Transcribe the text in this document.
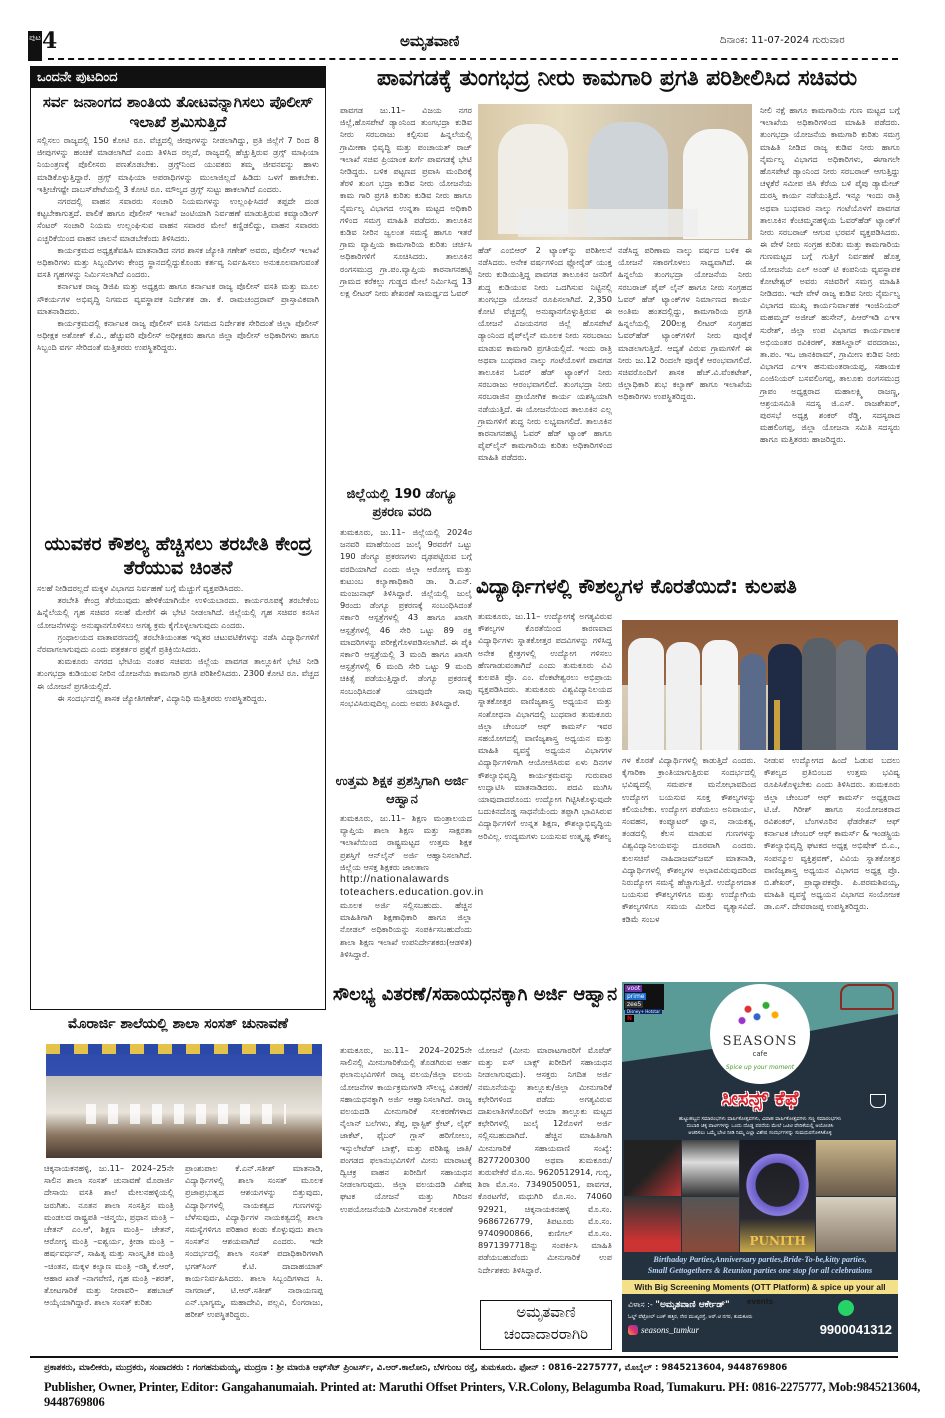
ಪುಟ 4	ಅಮೃತವಾಣಿ	ದಿನಾಂಕ: 11-07-2024 ಗುರುವಾರ
ಒಂದನೇ ಪುಟದಿಂದ
ಸರ್ವ ಜನಾಂಗದ ಶಾಂತಿಯ ತೋಟವನ್ನಾಗಿಸಲು ಪೊಲೀಸ್ ಇಲಾಖೆ ಶ್ರಮಿಸುತ್ತಿದೆ

ಸಲ್ಲಿಸಲು ರಾಜ್ಯದಲ್ಲಿ 150 ಕೋಟಿ ರೂ. ವೆಚ್ಚದಲ್ಲಿ ಜೀಪುಗಳನ್ನು ನೀಡಲಾಗಿದ್ದು, ಪ್ರತಿ ಜಿಲ್ಲೆಗೆ 7 ರಿಂದ 8 ಜೀಪುಗಳನ್ನು ಹಂಚಿಕೆ ಮಾಡಲಾಗಿದೆ ಎಂದು ತಿಳಿಸಿದ ರಲ್ಲದೆ, ರಾಜ್ಯದಲ್ಲಿ ಹೆಚ್ಚುತ್ತಿರುವ ಡ್ರಗ್ಸ್ ಮಾಫಿಯಾ ನಿಯಂತ್ರಣಕ್ಕೆ ಪೊಲೀಸರು ಪಣತೊಡಬೇಕು. ಡ್ರಗ್ಸ್‌ನಿಂದ ಯುವಕರು ತಮ್ಮ ಜೀವನವನ್ನು ಹಾಳು ಮಾಡಿಕೊಳ್ಳುತ್ತಿದ್ದಾರೆ. ಡ್ರಗ್ಸ್ ಮಾಫಿಯಾ ಅಪರಾಧಿಗಳನ್ನು ಮುಲಾಜಿಲ್ಲದೆ ಹಿಡಿದು ಒಳಗೆ ಹಾಕಬೇಕು. ಇತ್ತೀಚೆಗಷ್ಟೇ ದಾಬಸ್‌ಪೇಟೆಯಲ್ಲಿ 3 ಕೋಟಿ ರೂ. ಮೌಲ್ಯದ ಡ್ರಗ್ಸ್ ಸುಟ್ಟು ಹಾಕಲಾಗಿದೆ ಎಂದರು.

ನಗರದಲ್ಲಿ ವಾಹನ ಸವಾರರು ಸಂಚಾರಿ ನಿಯಮಗಳನ್ನು ಉಲ್ಲಂಘಿಸಿದರೆ ತಪ್ಪದೇ ದಂಡ ಕಟ್ಟಬೇಕಾಗುತ್ತದೆ. ಪಾಲಿಕೆ ಹಾಗೂ ಪೊಲೀಸ್ ಇಲಾಖೆ ಜಂಟಿಯಾಗಿ ನಿರ್ವಹಣೆ ಮಾಡುತ್ತಿರುವ ಕಮ್ಯಾಂಡಿಂಗ್ ಸೆಂಟರ್ ಸಂಚಾರಿ ನಿಯಮ ಉಲ್ಲಂಘಿಸುವ ವಾಹನ ಸವಾರರ ಮೇಲೆ ಕಣ್ಣಿಡಲಿದ್ದು, ವಾಹನ ಸವಾರರು ಎಚ್ಚರಿಕೆಯಿಂದ ವಾಹನ ಚಾಲನೆ ಮಾಡಬೇಕೆಂದು ತಿಳಿಸಿದರು.

ಕಾರ್ಯಕ್ರಮದ ಅಧ್ಯಕ್ಷತೆವಹಿಸಿ ಮಾತನಾಡಿದ ನಗರ ಶಾಸಕ ಜ್ಯೋತಿ ಗಣೇಶ್ ಅವರು, ಪೊಲೀಸ್ ಇಲಾಖೆ ಅಧಿಕಾರಿಗಳು ಮತ್ತು ಸಿಬ್ಬಂದಿಗಳು ಕೇಂದ್ರ ಸ್ಥಾನದಲ್ಲಿದ್ದುಕೊಂಡು ಕರ್ತವ್ಯ ನಿರ್ವಹಿಸಲು ಅನುಕೂಲವಾಗುವಂತೆ ವಸತಿ ಗೃಹಗಳನ್ನು ನಿರ್ಮಿಸಲಾಗಿದೆ ಎಂದರು.

ಕರ್ನಾಟಕ ರಾಜ್ಯ ಡಿಜಿಪಿ ಮತ್ತು ಅಧ್ಯಕ್ಷರು ಹಾಗೂ ಕರ್ನಾಟಕ ರಾಜ್ಯ ಪೊಲೀಸ್ ವಸತಿ ಮತ್ತು ಮೂಲ ಸೌಕರ್ಯಗಳ ಅಭಿವೃದ್ಧಿ ನಿಗಮದ ವ್ಯವಸ್ಥಾಪಕ ನಿರ್ದೇಶಕ ಡಾ. ಕೆ. ರಾಮಚಂದ್ರರಾವ್ ಪ್ರಾಸ್ತಾವಿಕವಾಗಿ ಮಾತನಾಡಿದರು.

ಕಾರ್ಯಕ್ರಮದಲ್ಲಿ ಕರ್ನಾಟಕ ರಾಜ್ಯ ಪೊಲೀಸ್ ವಸತಿ ನಿಗಮದ ನಿರ್ದೇಶಕ ಸೇರಿದಂತೆ ಜಿಲ್ಲಾ ಪೊಲೀಸ್ ಅಧೀಕ್ಷಕ ಅಶೋಕ್ ಕೆ.ವಿ., ಹೆಚ್ಚುವರಿ ಪೊಲೀಸ್ ಅಧೀಕ್ಷಕರು ಹಾಗೂ ಜಿಲ್ಲಾ ಪೊಲೀಸ್ ಅಧಿಕಾರಿಗಳು ಹಾಗೂ ಸಿಬ್ಬಂದಿ ವರ್ಗ ಸೇರಿದಂತೆ ಮತ್ತಿತರರು ಉಪಸ್ಥಿತರಿದ್ದರು.

ಯುವಕರ ಕೌಶಲ್ಯ ಹೆಚ್ಚಿಸಲು ತರಬೇತಿ ಕೇಂದ್ರ ತೆರೆಯುವ ಚಿಂತನೆ

ಸಲಹೆ ನೀಡಿದರಲ್ಲದೆ ಮಕ್ಕಳ ವಿಭಾಗದ ನಿರ್ವಹಣೆ ಬಗ್ಗೆ ಮೆಚ್ಚುಗೆ ವ್ಯಕ್ತಪಡಿಸಿದರು.

ತರಬೇತಿ ಕೇಂದ್ರ ತೆರೆಯುವುದು ಹೇಳಿಕೆಯಾಗಿಯೇ ಉಳಿಯಬಾರದು. ಕಾರ್ಯರೂಪಕ್ಕೆ ತರಬೇಕೆಂಬ ಹಿನ್ನೆಲೆಯಲ್ಲಿ ಗೃಹ ಸಚಿವರ ಸಲಹೆ ಮೇರೆಗೆ ಈ ಭೇಟಿ ನೀಡಲಾಗಿದೆ. ಜಿಲ್ಲೆಯಲ್ಲಿ ಗೃಹ ಸಚಿವರ ಕನಸಿನ ಯೋಜನೆಗಳನ್ನು ಅನುಷ್ಠಾನಗೊಳಿಸಲು ಅಗತ್ಯ ಕ್ರಮ ಕೈಗೊಳ್ಳಲಾಗುವುದು ಎಂದರು.

ಗ್ರಂಥಾಲಯದ ವಾತಾವರಣದಲ್ಲಿ ತರಬೇತಿಯಂತಹ ಇನ್ನಿತರ ಚಟುವಟಿಕೆಗಳನ್ನು ನಡೆಸಿ ವಿದ್ಯಾರ್ಥಿಗಳಿಗೆ ನೆರವಾಗಲಾಗುವುದು ಎಂದು ಪತ್ರಕರ್ತರ ಪ್ರಶ್ನೆಗೆ ಪ್ರತಿಕ್ರಿಯಿಸಿದರು.

ತುಮಕೂರು ನಗರದ ಭೇಟಿಯ ನಂತರ ಸಚಿವರು ಜಿಲ್ಲೆಯ ಪಾವಗಡ ತಾಲ್ಲೂಕಿಗೆ ಭೇಟಿ ನೀಡಿ ತುಂಗಭದ್ರಾ ಕುಡಿಯುವ ನೀರಿನ ಯೋಜನೆಯ ಕಾಮಗಾರಿ ಪ್ರಗತಿ ಪರಿಶೀಲಿಸಿದರು. 2300 ಕೋಟಿ ರೂ. ವೆಚ್ಚದ ಈ ಯೋಜನೆ ಪ್ರಗತಿಯಲ್ಲಿದೆ.

ಈ ಸಂದರ್ಭದಲ್ಲಿ ಶಾಸಕ ಜ್ಯೋತಿಗಣೇಶ್, ವಿದ್ಯಾನಿಧಿ ಮತ್ತಿತರರು ಉಪಸ್ಥಿತರಿದ್ದರು.

ಮೊರಾರ್ಜಿ ಶಾಲೆಯಲ್ಲಿ ಶಾಲಾ ಸಂಸತ್ ಚುನಾವಣೆ
ಚಿಕ್ಕನಾಯಕನಹಳ್ಳಿ, ಜು.11– 2024–25ನೇ ಸಾಲಿನ ಶಾಲಾ ಸಂಸತ್ ಚುನಾವಣೆ ಮೊರಾರ್ಜಿ ದೇಸಾಯಿ ವಸತಿ ಶಾಲೆ ಮೇಲನಹಳ್ಳಿಯಲ್ಲಿ ಜರುಗಿತು. ನೂತನ ಶಾಲಾ ಸಂಸತ್ತಿನ ಮಂತ್ರಿ ಮಂಡಲದ ರಾಷ್ಟ್ರಪತಿ –ಚಿನ್ಮಯಿ, ಪ್ರಧಾನ ಮಂತ್ರಿ –ಚೇತನ್ ಎಂ.ಆಿ, ಶಿಕ್ಷಣ ಮಂತ್ರಿ– ಚೇತನ್, ಆರೋಗ್ಯ ಮಂತ್ರಿ –ಐಶ್ವರ್ಯ, ಕ್ರೀಡಾ ಮಂತ್ರಿ –ಹರ್ಷವರ್ಧನ್, ಸಾಹಿತ್ಯ ಮತ್ತು ಸಾಂಸ್ಕೃತಿಕ ಮಂತ್ರಿ –ಚಿಂತನ, ಮಕ್ಕಳ ಕಲ್ಯಾಣ ಮಂತ್ರಿ –ರಶ್ಮಿ ಕೆ.ಆರ್, ಆಹಾರ ಖಾತೆ –ನಾಗವೇಣಿ, ಗೃಹ ಮಂತ್ರಿ –ಶರತ್, ತೋಟಗಾರಿಕೆ ಮತ್ತು ನೀರಾವರಿ– ಶಹಬಾಜ್ ಆಯ್ಕೆಯಾಗಿದ್ದಾರೆ. ಶಾಲಾ ಸಂಸತ್ ಕುರಿತು
ಪ್ರಾಂಶುಪಾಲ ಕೆ.ಎನ್.ಸತೀಶ್ ಮಾತನಾಡಿ, ವಿದ್ಯಾರ್ಥಿಗಳಲ್ಲಿ ಶಾಲಾ ಸಂಸತ್ ಮೂಲಕ ಪ್ರಜಾಪ್ರಭುತ್ವದ ಆಶಯಗಳನ್ನು ಬಿತ್ತುವುದು, ವಿದ್ಯಾರ್ಥಿಗಳಲ್ಲಿ ನಾಯಕತ್ವದ ಗುಣಗಳನ್ನು ಬೆಳೆಸುವುದು, ವಿದ್ಯಾರ್ಥಿಗಳ ನಾಯಕತ್ವದಲ್ಲಿ ಶಾಲಾ ಸಮಸ್ಯೆಗಳಿಗೂ ಪರಿಹಾರ ಕಂಡು ಕೊಳ್ಳುವುದು ಶಾಲಾ ಸಂಸತ್‌ನ ಆಶಯವಾಗಿದೆ ಎಂದರು. ಇದೇ ಸಂದರ್ಭದಲ್ಲಿ ಶಾಲಾ ಸಂಸತ್ ಪದಾಧಿಕಾರಿಗಳಾಗಿ ಭಗತ್‌ಸಿಂಗ್ ಕೆ.ಟಿ. ದಾದಾಹಯಾತ್ ಕಾರ್ಯನಿರ್ವಹಿಸಿದರು. ಶಾಲಾ ಸಿಬ್ಬಂದಿಗಳಾದ ಸಿ. ನಾಗರಾಜ್, ಟಿ.ಆರ್.ಸತೀಶ್ ನಾರಾಯಣಪ್ಪ ಎನ್.ಭಾಗ್ಯಮ್ಮ, ಮಹಾದೇವಿ, ಪಲ್ಲವಿ, ಲಿಂಗರಾಜು, ಹರೀಶ್ ಉಪಸ್ಥಿತರಿದ್ದರು.
ಪಾವಗಡಕ್ಕೆ ತುಂಗಭದ್ರ ನೀರು ಕಾಮಗಾರಿ ಪ್ರಗತಿ ಪರಿಶೀಲಿಸಿದ ಸಚಿವರು
ಪಾವಗಡ ಜು.11– ವಿಜಯ ನಗರ ಜಿಲ್ಲೆ,ಹೊಸಪೇಟೆ ಡ್ಯಾಂನಿಂದ ತುಂಗಭದ್ರಾ ಕುಡಿವ ನೀರು ಸರಬರಾಜು ಕಲ್ಪಿಸುವ ಹಿನ್ನಲೆಯಲ್ಲಿ ಗ್ರಾಮೀಣಾ ಭಿವೃದ್ಧಿ ಮತ್ತು ಪಂಚಾಯತ್ ರಾಜ್ ಇಲಾಖೆ ಸಚಿವ ಪ್ರಿಯಾಂಕ ಖರ್ಗೆ ಪಾವಗಡಕ್ಕೆ ಭೇಟಿ ನೀಡಿದ್ದರು. ಬಳಿಕ ಪಟ್ಟಣದ ಪ್ರವಾಸಿ ಮಂದಿರಕ್ಕೆ ತೆರಳಿ ತುಂಗ ಭದ್ರಾ ಕುಡಿವ ನೀರು ಯೋಜನೆಯ ಕಾಮ ಗಾರಿ ಪ್ರಗತಿ ಕುರಿತು ಕುಡಿವ ನೀರು ಹಾಗೂ ನೈರ್ಮಲ್ಯ ವಿಭಾಗದ ಉನ್ನತಾ ಮಟ್ಟದ ಅಧಿಕಾರಿ ಗಳಿಂದ ಸಮಗ್ರ ಮಾಹಿತಿ ಪಡೆದರು. ತಾಲೂಕಿನ ಕುಡಿವ ನೀರಿನ ಜ್ವಲಂತ ಸಮಸ್ಯೆ ಹಾಗೂ ಇತರೆ ಗ್ರಾಮ ವ್ಯಾಪ್ತಿಯ ಕಾಮಗಾರಿಯ ಕುರಿತು ಚರ್ಚಿಸಿ ಅಧಿಕಾರಿಗಳಿಗೆ ಸೂಚಿಸಿದರು. ತಾಲೂಕಿನ ರಂಗಸಮುದ್ರ ಗ್ರಾ.ಪಂ.ವ್ಯಾಪ್ತಿಯ ಕಾರನಾಗನಹಟ್ಟಿ ಗ್ರಾಮದ ಕರೆಕಲ್ಲು ಗುಡ್ಡದ ಮೇಲೆ ನಿರ್ಮಿಸಿದ್ದ 13 ಲಕ್ಷ ಲೀಟರ್ ನೀರು ಶೇಖರಣೆ ಸಾಮರ್ಥ್ಯದ ಓವರ್
ಹೆಡ್ ಎಂಬಿಆರ್ 2 ಟ್ಯಾಂಕ್‌ನ್ನು ಪರಿಶೀಲನೆ ನಡೆಸಿದರು. ಅನೇಕ ವರ್ಷಗಳಿಂದ ಫ್ಲೋರೈಡ್ ಯುಕ್ತ ನೀರು ಕುಡಿಯುತ್ತಿದ್ದ ಪಾವಗಡ ತಾಲೂಕಿನ ಜನರಿಗೆ ಶುದ್ಧ ಕುಡಿಯುವ ನೀರು ಒದಗಿಸುವ ನಿಟ್ಟಿನಲ್ಲಿ ತುಂಗಭದ್ರಾ ಯೋಜನೆ ರೂಪಿಸಲಾಗಿದೆ. 2,350 ಕೋಟಿ ವೆಚ್ಚದಲ್ಲಿ ಅನುಷ್ಠಾನಗೊಳ್ಳುತ್ತಿರುವ ಈ ಯೋಜನೆ ವಿಜಯನಗರ ಜಿಲ್ಲೆ ಹೊಸಪೇಟೆ ಡ್ಯಾಂನಿಂದ ಪೈಪ್‌ಲೈನ್ ಮೂಲಕ ನೀರು ಸರಬರಾಜು ಮಾಡುವ ಕಾಮಗಾರಿ ಪ್ರಗತಿಯಲ್ಲಿದೆ. ಇಂದು ರಾತ್ರಿ ಅಥವಾ ಬುಧವಾರ ನಾಲ್ಕು ಗಂಟೆಯೊಳಗೆ ಪಾವಗಡ ತಾಲೂಕಿನ ಓವರ್ ಹೆಡ್ ಟ್ಯಾಂಕ್‌ಗೆ ನೀರು ಸರಬರಾಜು ಆರಂಭವಾಗಲಿದೆ. ತುಂಗಭದ್ರಾ ನೀರು ಸರಬರಾಜಿನ ಪ್ರಾಯೋಗಿಕ ಕಾರ್ಯ ಯಶಸ್ವಿಯಾಗಿ ನಡೆಯುತ್ತಿದೆ. ಈ ಯೋಜನೆಯಿಂದ ತಾಲೂಕಿನ ಎಲ್ಲ ಗ್ರಾಮಗಳಿಗೆ ಶುದ್ಧ ನೀರು ಲಭ್ಯವಾಗಲಿದೆ. ತಾಲೂಕಿನ ಕಾರನಾಗನಹಟ್ಟಿ ಓವರ್ ಹೆಡ್ ಟ್ಯಾಂಕ್ ಹಾಗೂ ಪೈಪ್‌ಲೈನ್ ಕಾಮಗಾರಿಯ ಕುರಿತು ಅಧಿಕಾರಿಗಳಿಂದ ಮಾಹಿತಿ ಪಡೆದರು.
ನಡೆಸಿದ್ದ ಪರಿಣಾಮ ನಾಲ್ಕು ವರ್ಷದ ಬಳಿಕ ಈ ಯೋಜನೆ ಸಕಾರಗೊಳಲು ಸಾಧ್ಯವಾಗಿದೆ. ಈ ಹಿನ್ನಲೆಯ ತುಂಗಭದ್ರಾ ಯೋಜನೆಯ ನೀರು ಸರಬರಾಜ್ ಪೈಪ್ ಲೈನ್ ಹಾಗೂ ನೀರು ಸಂಗ್ರಹದ ಓವರ್ ಹೆಡ್ ಟ್ಯಾಂಕ್‌ಗಳ ನಿರ್ಮಾಣದ ಕಾರ್ಯ ಅಂತಿಮ ಹಂತದಲ್ಲಿದ್ದು, ಕಾಮಗಾರಿಯ ಪ್ರಗತಿ ಹಿನ್ನಲೆಯಲ್ಲಿ 200ಲಕ್ಷ ಲೀಟರ್ ಸಂಗ್ರಹದ ಓವರ್‌ಹೆಡ್ ಟ್ಯಾಂಕ್‌ಗಳಿಗೆ ನೀರು ಪೂರೈಕೆ ಮಾಡಲಾಗುತ್ತಿದೆ. ಆದ್ಯತೆ ವಿರುವ ಗ್ರಾಮಗಳಿಗೆ ಈ ನೀರು ಜು.12 ರಿಂದಲೇ ಪೂರೈಕೆ ಆರಂಭವಾಗಲಿದೆ. ಸಚಿವರೊಂದಿಗೆ ಶಾಸಕ ಹೆಚ್.ವಿ.ವೆಂಕಟೇಶ್, ಜಿಲ್ಲಾಧಿಕಾರಿ ಶುಭ ಕಲ್ಯಾಣ್ ಹಾಗೂ ಇಲಾಖೆಯ ಅಧಿಕಾರಿಗಳು ಉಪಸ್ಥಿತರಿದ್ದರು.
ನೀಲಿ ನಕ್ಷೆ ಹಾಗೂ ಕಾಮಗಾರಿಯ ಗುಣ ಮಟ್ಟದ ಬಗ್ಗೆ ಇಲಾಖೆಯ ಅಧಿಕಾರಿಗಳಿಂದ ಮಾಹಿತಿ ಪಡೆದರು. ತುಂಗಭದ್ರಾ ಯೋಜನೆಯ ಕಾಮಗಾರಿ ಕುರಿತು ಸಮಗ್ರ ಮಾಹಿತಿ ನೀಡಿದ ರಾಜ್ಯ ಕುಡಿವ ನೀರು ಹಾಗೂ ನೈರ್ಮಲ್ಯ ವಿಭಾಗದ ಅಧಿಕಾರಿಗಳು, ಈಗಾಗಲೇ ಹೊಸಪೇಟೆ ಡ್ಯಾಂನಿಂದ ನೀರು ಸರಬರಾಜ್ ಆಗುತ್ತಿದ್ದು ಚಳ್ಳಕೆರೆ ಸಮೀಪ ಜಿಸಿ ಕೆರೆಯ ಬಳಿ ಪೈಪು ಡ್ಯಾಮೇಜ್ ದುರಸ್ತಿ ಕಾರ್ಯ ನಡೆಯುತ್ತಿದೆ. ಇನ್ನೂ ಇಂದು ರಾತ್ರಿ ಅಥವಾ ಬುಧವಾರ ನಾಲ್ಕು ಗಂಟೆಯೊಳಗೆ ಪಾವಗಡ ತಾಲೂಕಿನ ಕೆಂಚಮ್ಮನಹಳ್ಳಿಯ ಓವರ್‌ಹೆಡ್ ಟ್ಯಾಂಕ್‌ಗೆ ನೀರು ಸರಬರಾಜ್ ಆಗುವ ಭರವಸೆ ವ್ಯಕ್ತಪಡಿಸಿದರು. ಈ ವೇಳೆ ನೀರು ಸಂಗ್ರಹ ಕುರಿತು ಮತ್ತು ಕಾಮಗಾರಿಯ ಗುಣಮಟ್ಟದ ಬಗ್ಗೆ ಗುತ್ತಿಗೆ ನಿರ್ವಹಣೆ ಹೊತ್ತ ಯೋಜನೆಯ ಎಲ್ ಅಂಡ್ ಟಿ ಕಂಪನಿಯ ವ್ಯವಸ್ಥಾಪಕ ಕೋಟೇಶ್ವರ್ ಅವರು ಸಚಿವರಿಗೆ ಸಮಗ್ರ ಮಾಹಿತಿ ನೀಡಿದರು. ಇದೇ ವೇಳೆ ರಾಜ್ಯ ಕುಡಿವ ನೀರು ನೈರ್ಮಲ್ಯ ವಿಭಾಗದ ಮುಖ್ಯ ಕಾರ್ಯನಿರ್ವಾಹಕ ಇಂಜಿನಿಯರ್ ಮಹಮ್ಮದ್ ಅಜೀಜ್ ಹುಸೇನ್, ಪಿಆರ್‌ಇಡಿ ಎಇಇ ಸುರೇಶ್, ಜಿಲ್ಲಾ ಉಪ ವಿಭಾಗದ ಕಾರ್ಯಪಾಲಕ ಅಭಿಯಂತರ ರವಿಕಿರಣ್, ತಹಸಿಲ್ದಾರ್ ವರದರಾಜು, ತಾ.ಪಂ. ಇಒ ಜಾನಕಿರಾಮ್, ಗ್ರಾಮೀಣ ಕುಡಿವ ನೀರು ವಿಭಾಗದ ಎಇಇ ಹನುಮಂತರಾಯಪ್ಪ, ಸಹಾಯಕ ಎಂಜಿನಿಯರ್ ಬಸವಲಿಂಗಪ್ಪ, ತಾಲೂಕು ರಂಗಸಮುದ್ರ ಗ್ರಾಪಂ ಅಧ್ಯಕ್ಷರಾದ ಮಹಾಲಕ್ಷ್ಮಿ ರಾಜಣ್ಣ, ಆಶ್ರಯಸಮಿತಿ ಸದಸ್ಯ ಜಿ.ಎಸ್. ರಾಜಶೇಖರ್, ಪುರಸಭೆ ಅಧ್ಯಕ್ಷ ಶಂಕರ್ ರೆಡ್ಡಿ, ಸದಸ್ಯರಾದ ಮಹಲಿಂಗಪ್ಪ, ಜಿಲ್ಲಾ ಯೋಜನಾ ಸಮಿತಿ ಸದಸ್ಯರು ಹಾಗೂ ಮತ್ತಿತರರು ಹಾಜರಿದ್ದರು.
ಜಿಲ್ಲೆಯಲ್ಲಿ 190 ಡೆಂಗ್ಯೂ ಪ್ರಕರಣ ವರದಿ
ತುಮಕೂರು, ಜು.11– ಜಿಲ್ಲೆಯಲ್ಲಿ 2024ರ ಜನವರಿ ಮಾಹೆಯಿಂದ ಜುಲೈ 9ರವರೆಗೆ ಒಟ್ಟು 190 ಡೆಂಗ್ಯೂ ಪ್ರಕರಣಗಳು ದೃಢಪಟ್ಟಿರುವ ಬಗ್ಗೆ ವರದಿಯಾಗಿದೆ ಎಂದು ಜಿಲ್ಲಾ ಆರೋಗ್ಯ ಮತ್ತು ಕುಟುಂಬ ಕಲ್ಯಾಣಾಧಿಕಾರಿ ಡಾ. ಡಿ.ಎನ್. ಮಂಜುನಾಥ್ ತಿಳಿಸಿದ್ದಾರೆ. ಜಿಲ್ಲೆಯಲ್ಲಿ ಜುಲೈ 9ರಂದು ಡೆಂಗ್ಯೂ ಪ್ರಕರಣಕ್ಕೆ ಸಂಬಂಧಿಸಿದಂತೆ ಸರ್ಕಾರಿ ಆಸ್ಪತ್ರೆಗಳಲ್ಲಿ 43 ಹಾಗೂ ಖಾಸಗಿ ಆಸ್ಪತ್ರೆಗಳಲ್ಲಿ 46 ಸೇರಿ ಒಟ್ಟು 89 ರಕ್ತ ಮಾದರಿಗಳನ್ನು ಪರೀಕ್ಷೆಗೊಳಪಡಿಸಲಾಗಿದೆ. ಈ ಪೈಕಿ ಸರ್ಕಾರಿ ಆಸ್ಪತ್ರೆಯಲ್ಲಿ 3 ಮಂದಿ ಹಾಗೂ ಖಾಸಗಿ ಆಸ್ಪತ್ರೆಗಳಲ್ಲಿ 6 ಮಂದಿ ಸೇರಿ ಒಟ್ಟು 9 ಮಂದಿ ಚಿಕಿತ್ಸೆ ಪಡೆಯುತ್ತಿದ್ದಾರೆ. ಡೆಂಗ್ಯೂ ಪ್ರಕರಣಕ್ಕೆ ಸಂಬಂಧಿಸಿದಂತೆ ಯಾವುದೇ ಸಾವು ಸಂಭವಿಸಿರುವುದಿಲ್ಲ ಎಂದು ಅವರು ತಿಳಿಸಿದ್ದಾರೆ.
ಉತ್ತಮ ಶಿಕ್ಷಕ ಪ್ರಶಸ್ತಿಗಾಗಿ ಅರ್ಜಿ ಆಹ್ವಾನ
ತುಮಕೂರು, ಜು.11– ಶಿಕ್ಷಣ ಮಂತ್ರಾಲಯದ ವ್ಯಾಪ್ತಿಯ ಶಾಲಾ ಶಿಕ್ಷಣ ಮತ್ತು ಸಾಕ್ಷರತಾ ಇಲಾಖೆಯಿಂದ ರಾಷ್ಟ್ರಮಟ್ಟದ ಉತ್ತಮ ಶಿಕ್ಷಕ ಪ್ರಶಸ್ತಿಗೆ ಆನ್‌ಲೈನ್ ಅರ್ಜಿ ಆಹ್ವಾನಿಸಲಾಗಿದೆ. ಜಿಲ್ಲೆಯ ಆಸಕ್ತ ಶಿಕ್ಷಕರು ಜಾಲತಾಣ
http://nationalawards
toteachers.education.gov.in
ಮೂಲಕ ಅರ್ಜಿ ಸಲ್ಲಿಸಬಹುದು. ಹೆಚ್ಚಿನ ಮಾಹಿತಿಗಾಗಿ ಶಿಕ್ಷಣಾಧಿಕಾರಿ ಹಾಗೂ ಜಿಲ್ಲಾ ನೋಡಲ್ ಅಧಿಕಾರಿಯನ್ನು ಸಂಪರ್ಕಿಸಬಹುದೆಂದು ಶಾಲಾ ಶಿಕ್ಷಣ ಇಲಾಖೆ ಉಪನಿರ್ದೇಶಕರು(ಆಡಳಿತ) ತಿಳಿಸಿದ್ದಾರೆ.
ವಿದ್ಯಾರ್ಥಿಗಳಲ್ಲಿ ಕೌಶಲ್ಯಗಳ ಕೊರತೆಯಿದೆ: ಕುಲಪತಿ
ತುಮಕೂರು, ಜು.11– ಉದ್ಯೋಗಕ್ಕೆ ಅಗತ್ಯವಿರುವ ಕೌಶಲ್ಯಗಳ ಕೊರತೆಯಿಂದ ಕಾರಣವಾದ ವಿದ್ಯಾರ್ಥಿಗಳು ಸ್ನಾತಕೋತ್ತರ ಪದವಿಗಳನ್ನು ಗಳಿಸಿದ್ದ ಅನೇಕ ಕ್ಷೇತ್ರಗಳಲ್ಲಿ ಉದ್ಯೋಗ ಗಳಿಸಲು ಹೆಣಗಾಡುವಂತಾಗಿದೆ ಎಂದು ತುಮಕೂರು ವಿವಿ ಕುಲಪತಿ ಪ್ರೊ. ಎಂ. ವೆಂಕಟೇಶ್ವರಲು ಅಭಿಪ್ರಾಯ ವ್ಯಕ್ತಪಡಿಸಿದರು. ತುಮಕೂರು ವಿಶ್ವವಿದ್ಯಾನಿಲಯದ ಸ್ನಾತಕೋತ್ತರ ವಾಣಿಜ್ಯಶಾಸ್ತ್ರ ಅಧ್ಯಯನ ಮತ್ತು ಸಂಶೋಧನಾ ವಿಭಾಗದಲ್ಲಿ ಬುಧವಾರ ತುಮಕೂರು ಜಿಲ್ಲಾ ಚೇಂಬರ್ ಆಫ್ ಕಾಮರ್ಸ್ ಇವರ ಸಹಯೋಗದಲ್ಲಿ ವಾಣಿಜ್ಯಶಾಸ್ತ್ರ ಅಧ್ಯಯನ ಮತ್ತು ಮಾಹಿತಿ ವ್ಯವಸ್ಥೆ ಅಧ್ಯಯನ ವಿಭಾಗಗಳ ವಿದ್ಯಾರ್ಥಿಗಳಿಗಾಗಿ ಆಯೋಜಿಸಿರುವ ಏಳು ದಿನಗಳ ಕೌಶಲ್ಯಾಭಿವೃದ್ಧಿ ಕಾರ್ಯಕ್ರಮವನ್ನು ಗುರುವಾರ ಉದ್ಘಾಟಿಸಿ ಮಾತನಾಡಿದರು. ಪದವಿ ಮುಗಿಸಿ ಯಾವುದಾದರೊಂದು ಉದ್ಯೋಗ ಗಿಟ್ಟಿಸಿಕೊಳ್ಳುವುದೇ ಬದುಕಿನದೊಡ್ಡ ಸಾಧನೆಯೆಂದು ತಪ್ಪಾಗಿ ಭಾವಿಸಿರುವ ವಿದ್ಯಾರ್ಥಿಗಳಿಗೆ ಉನ್ನತ ಶಿಕ್ಷಣ, ಕೌಶಲ್ಯಾಭಿವೃದ್ಧಿಯ ಅರಿವಿಲ್ಲ. ಉದ್ಯಮಗಳು ಬಯಸುವ ಉತ್ಕೃಷ್ಟ ಕೌಶಲ್ಯ
ಗಳ ಕೊರತೆ ವಿದ್ಯಾರ್ಥಿಗಳಲ್ಲಿ ಕಾಡುತ್ತಿದೆ ಎಂದರು. ಕೈಗಾರಿಕಾ ಕ್ರಾಂತಿಯಾಗುತ್ತಿರುವ ಸಂದರ್ಭದಲ್ಲಿ ಭವಿಷ್ಯದಲ್ಲಿ ಸಮರ್ಪಕ ಮನೋಭಾವದಿಂದ ಉದ್ಯೋಗ ಬಯಸುವ ಸೂಕ್ತ ಕೌಶಲ್ಯಗಳನ್ನು ಕಲಿಯಬೇಕು. ಉದ್ಯೋಗ ಪಡೆಯಲು ಅನಿವಾರ್ಯ, ಸಂವಹನ, ಕಂಪ್ಯೂಟರ್ ಜ್ಞಾನ, ನಾಯಕತ್ವ, ತಂಡದಲ್ಲಿ ಕೆಲಸ ಮಾಡುವ ಗುಣಗಳನ್ನು ವಿಶ್ವವಿದ್ಯಾನಿಲಯವನ್ನು ದೂರವಾಗಿ ಎಂದರು. ಕುಲಸಚಿವೆ ನಾಹಿದಾಜಮ್‌ಜಮ್ ಮಾತನಾಡಿ, ವಿದ್ಯಾರ್ಥಿಗಳಲ್ಲಿ ಕೌಶಲ್ಯಗಳ ಅಭಾವವಿರುವುದರಿಂದ ನಿರುದ್ಯೋಗ ಸಮಸ್ಯೆ ಹೆಚ್ಚಾಗುತ್ತಿದೆ. ಉದ್ಯೋಗದಾತ ಬಯಸುವ ಕೌಶಲ್ಯಗಳಿಗೂ ಮತ್ತು ಉದ್ಯೋಗಿಯ ಕೌಶಲ್ಯಗಳಿಗೂ ಸಮಯ ಮೀರಿದ ವ್ಯತ್ಯಾಸವಿದೆ. ಕಡಿಮೆ ಸಂಬಳ
ನೀಡುವ ಉದ್ಯೋಗದ ಹಿಂದೆ ಓಡುವ ಬದಲು ಕೌಶಲ್ಯದ ಪ್ರತಿಬಿಂಬದ ಉತ್ತಮ ಭವಿಷ್ಯ ರೂಪಿಸಿಕೊಳ್ಳಬೇಕು ಎಂದು ತಿಳಿಸಿದರು. ತುಮಕೂರು ಜಿಲ್ಲಾ ಚೇಂಬರ್ ಆಫ್ ಕಾಮರ್ಸ್ ಅಧ್ಯಕ್ಷರಾದ ಟಿ.ಜೆ. ಗಿರೀಶ್ ಹಾಗೂ ಸಂಯೋಜಕರಾದ ರವಿಶಂಕರ್, ಬೆಂಗಳೂರಿನ ಫೆಡರೇಶನ್ ಆಫ್ ಕರ್ನಾಟಕ ಚೇಂಬರ್ ಆಫ್ ಕಾಮರ್ಸ್ & ಇಂಡಸ್ಟ್ರಿಯ ಕೌಶಲ್ಯಾಭಿವೃದ್ಧಿ ಘಟಕದ ಅಧ್ಯಕ್ಷ ಅಭಿಷೇಕ್ ಬಿ.ಎ., ಸಂಪನ್ಮೂಲ ವ್ಯಕ್ತಿಶ್ರವಣ್, ವಿವಿಯ ಸ್ನಾತಕೋತ್ತರ ವಾಣಿಜ್ಯಶಾಸ್ತ್ರ ಅಧ್ಯಯನ ವಿಭಾಗದ ಅಧ್ಯಕ್ಷ ಪ್ರೊ. ಬಿ.ಶೇಖರ್, ಪ್ರಾಧ್ಯಾಪಕಪ್ರೊ. ಪಿ.ಪರಮಶಿವಯ್ಯ, ಮಾಹಿತಿ ವ್ಯವಸ್ಥೆ ಅಧ್ಯಯನ ವಿಭಾಗದ ಸಂಯೋಜಕ ಡಾ.ಎಸ್. ದೇವರಾಜಪ್ಪ ಉಪಸ್ಥಿತರಿದ್ದರು.
ಸೌಲಭ್ಯ ವಿತರಣೆ/ಸಹಾಯಧನಕ್ಕಾಗಿ ಅರ್ಜಿ ಆಹ್ವಾನ
ತುಮಕೂರು, ಜು.11– 2024–2025ನೇ ಸಾಲಿನಲ್ಲಿ ಮೀನುಗಾರಿಕೆಯಲ್ಲಿ ತೊಡಗಿರುವ ಅರ್ಹ ಫಲಾನುಭವಿಗಳಿಗೆ ರಾಜ್ಯ ವಲಯ/ಜಿಲ್ಲಾ ವಲಯ ಯೋಜನೆಗಳ ಕಾರ್ಯಕ್ರಮಗಳಡಿ ಸೌಲಭ್ಯ ವಿತರಣೆ/ಸಹಾಯಧನಕ್ಕಾಗಿ ಅರ್ಜಿ ಆಹ್ವಾನಿಸಲಾಗಿದೆ. ರಾಜ್ಯ ವಲಯದಡಿ ಮೀನುಗಾರಿಕೆ ಸಲಕರಣೆಗಳಾದ ನೈಲಾನ್ ಬಲೆಗಳು, ತೆಪ್ಪ, ಪ್ಲಾಸ್ಟಿಕ್ ಕ್ರೇಟ್, ಲೈಫ್ ಜಾಕೆಟ್, ಫೈಬರ್ ಗ್ಲಾಸ್ ಹರಿಗೋಲು, ಇನ್ಸುಲೇಟೆಡ್ ಬಾಕ್ಸ್, ಮತ್ತು ಪರಿಶಿಷ್ಟ ಜಾತಿ/ಪಂಗಡದ ಫಲಾನುಭವಿಗಳಿಗೆ ಮೀನು ಮಾರಾಟಕ್ಕೆ ದ್ವಿಚಕ್ರ ವಾಹನ ಖರೀದಿಗೆ ಸಹಾಯಧನ ನೀಡಲಾಗುವುದು. ಜಿಲ್ಲಾ ವಲಯದಡಿ ವಿಶೇಷ ಘಟಕ ಯೋಜನೆ ಮತ್ತು ಗಿರಿಜನ ಉಪಯೋಜನೆಯಡಿ ಮೀನುಗಾರಿಕೆ ಸಲಕರಣೆ
ಯೋಜನೆ (ಮೀನು ಮಾರಾಟಗಾರರಿಗೆ ಮೊಪೆಡ್ ಮತ್ತು ಐಸ್ ಬಾಕ್ಸ್ ಖರೀದಿಗೆ ಸಹಾಯಧನ ನೀಡಲಾಗುವುದು). ಆಸಕ್ತರು ನಿಗದಿತ ಅರ್ಜಿ ನಮೂನೆಯನ್ನು ತಾಲ್ಲೂಕು/ಜಿಲ್ಲಾ ಮೀನುಗಾರಿಕೆ ಕಛೇರಿಗಳಿಂದ ಪಡೆದು ಅಗತ್ಯವಿರುವ ದಾಖಲಾತಿಗಳೊಂದಿಗೆ ಆಯಾ ತಾಲ್ಲೂಕು ಮಟ್ಟದ ಕಛೇರಿಗಳಲ್ಲಿ ಜುಲೈ 12ರೊಳಗೆ ಅರ್ಜಿ ಸಲ್ಲಿಸಬಹುದಾಗಿದೆ. ಹೆಚ್ಚಿನ ಮಾಹಿತಿಗಾಗಿ ಮೀನುಗಾರಿಕೆ ಸಹಾಯವಾಣಿ ಸಂಖ್ಯೆ: 8277200300 ಅಥವಾ ತುಮಕೂರು/ತುರುವೇಕೆರೆ ಮೊ.ಸಂ. 9620512914, ಗುಬ್ಬಿ, ಶಿರಾ ಮೊ.ಸಂ. 7349050051, ಪಾವಗಡ, ಕೊರಟಗೆರೆ, ಮಧುಗಿರಿ ಮೊ.ಸಂ. 74060 92921, ಚಿಕ್ಕನಾಯಕನಹಳ್ಳಿ ಮೊ.ಸಂ. 9686726779, ತಿಪಟೂರು ಮೊ.ಸಂ. 9740900866, ಕುಣಿಗಲ್ ಮೊ.ಸಂ. 8971397718ನ್ನು ಸಂಪರ್ಕಿಸಿ ಮಾಹಿತಿ ಪಡೆಯಬಹುದೆಂದು ಮೀನುಗಾರಿಕೆ ಉಪ ನಿರ್ದೇಶಕರು ತಿಳಿಸಿದ್ದಾರೆ.
ಅಮೃತವಾಣಿ
ಚಂದಾದಾರರಾಗಿರಿ
voot
prime
zee5
Disney+ Hotstar
N
SEASONS
cafe
Spice up your moment
ಸೀಸನ್ಸ್ ಕೆಫೆ
ಹುಟ್ಟುಹಬ್ಬದ ಸಮಾರಂಭಗಳು ವಾರ್ಷಿಕೋತ್ಸವಗಳು, ವಿವಾಹ ವಾರ್ಷಿಕೋತ್ಸವಗಳು ಸಣ್ಣ ಸಮಾರಂಭಗಳು
ದುಬಾರಿ ಚಿಕ್ಕ ಪಾರ್ಟಿಗಳನ್ನು ಒಂದು ದೊಡ್ಡ ಪರದೆಯ ಮೇಲೆ ಒಟಿಟಿ ವೇದಿಕೆಯಲ್ಲಿ ಆಯೋಜಿಸಿ
ಆಚರಿಸಲು ಒಮ್ಮೆ ಭೇಟಿ ನೀಡಿ ನಿಮ್ಮ ಎಲ್ಲಾ ವಿಶೇಷ ಸಂದರ್ಭಗಳನ್ನು ಸುಮಧುರಗೊಳಿಸಿಕೊಳ್ಳಿ
PUNITH
Birthaday Parties,Anniversary parties,Bride-To-be,kitty parties,
Small Gettogethers & Reunion parties one stop for all celebrations
With Big Screening Moments (OTT Platform) & spice up your all events
ವಿಳಾಸ :- "ಅಮೃತವಾಣಿ ಆರ್ಕೇಡ್"
ಓಲ್ಡ್ ಪೆಟ್ರೋಲ್ ಬಂಕ್ ಹತ್ತಿರ, ನೇರ ಮುಖ್ಯರಸ್ತೆ, ಆರ್.ಟಿ ನಗರ, ತುಮಕೂರು
seasons_tumkur	9900041312
ಪ್ರಕಾಶಕರು, ಮಾಲೀಕರು, ಮುದ್ರಕರು, ಸಂಪಾದಕರು : ಗಂಗಹನುಮಯ್ಯ, ಮುದ್ರಣ : ಶ್ರೀ ಮಾರುತಿ ಆಫ್‌ಸೆಟ್ ಪ್ರಿಂಟರ್ಸ್, ವಿ.ಆರ್.ಕಾಲೋನಿ, ಬೆಳಗುಂಬ ರಸ್ತೆ, ತುಮಕೂರು. ಫೋನ್ : 0816–2275777, ಮೊಬೈಲ್ : 9845213604, 9448769806
Publisher, Owner, Printer, Editor: Gangahanumaiah. Printed at: Maruthi Offset Printers, V.R.Colony, Belagumba Road, Tumakuru. PH: 0816-2275777, Mob:9845213604, 9448769806
